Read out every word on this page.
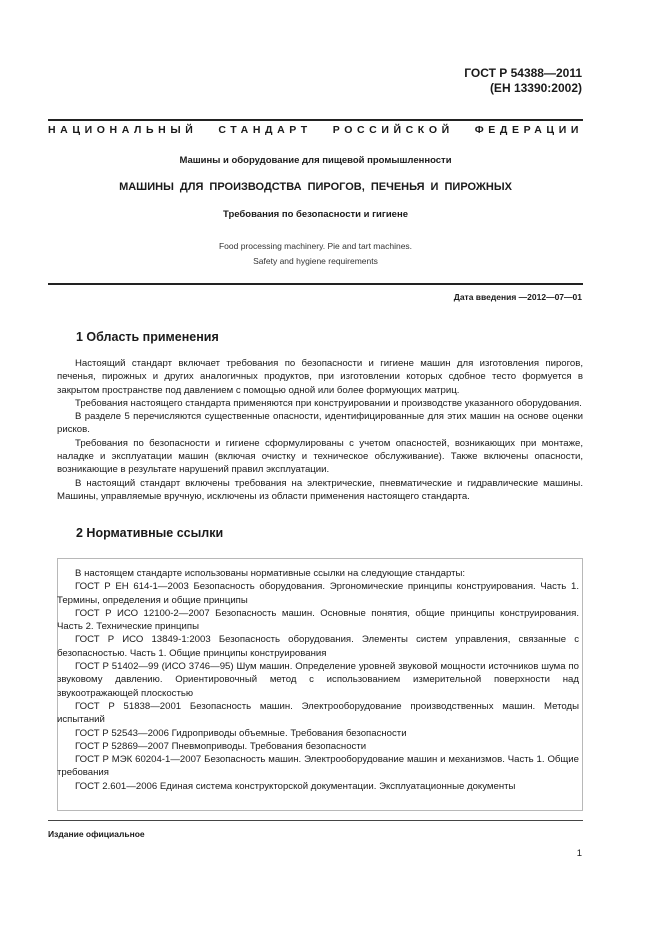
ГОСТ Р 54388—2011
(ЕН 13390:2002)
НАЦИОНАЛЬНЫЙ СТАНДАРТ РОССИЙСКОЙ ФЕДЕРАЦИИ
Машины и оборудование для пищевой промышленности
МАШИНЫ ДЛЯ ПРОИЗВОДСТВА ПИРОГОВ, ПЕЧЕНЬЯ И ПИРОЖНЫХ
Требования по безопасности и гигиене
Food processing machinery. Pie and tart machines.
Safety and hygiene requirements
Дата введения —2012—07—01
1 Область применения

Настоящий стандарт включает требования по безопасности и гигиене машин для изготовления пирогов, печенья, пирожных и других аналогичных продуктов, при изготовлении которых сдобное тесто формуется в закрытом пространстве под давлением с помощью одной или более формующих матриц.

Требования настоящего стандарта применяются при конструировании и производстве указанного оборудования.

В разделе 5 перечисляются существенные опасности, идентифицированные для этих машин на основе оценки рисков.

Требования по безопасности и гигиене сформулированы с учетом опасностей, возникающих при монтаже, наладке и эксплуатации машин (включая очистку и техническое обслуживание). Также включены опасности, возникающие в результате нарушений правил эксплуатации.

В настоящий стандарт включены требования на электрические, пневматические и гидравлические машины. Машины, управляемые вручную, исключены из области применения настоящего стандарта.

2 Нормативные ссылки

В настоящем стандарте использованы нормативные ссылки на следующие стандарты:

ГОСТ Р ЕН 614-1—2003 Безопасность оборудования. Эргономические принципы конструирования. Часть 1. Термины, определения и общие принципы

ГОСТ Р ИСО 12100-2—2007 Безопасность машин. Основные понятия, общие принципы конструирования. Часть 2. Технические принципы

ГОСТ Р ИСО 13849-1:2003 Безопасность оборудования. Элементы систем управления, связанные с безопасностью. Часть 1. Общие принципы конструирования

ГОСТ Р 51402—99 (ИСО 3746—95) Шум машин. Определение уровней звуковой мощности источников шума по звуковому давлению. Ориентировочный метод с использованием измерительной поверхности над звукоотражающей плоскостью

ГОСТ Р 51838—2001 Безопасность машин. Электрооборудование производственных машин. Методы испытаний

ГОСТ Р 52543—2006 Гидроприводы объемные. Требования безопасности

ГОСТ Р 52869—2007 Пневмоприводы. Требования безопасности

ГОСТ Р МЭК 60204-1—2007 Безопасность машин. Электрооборудование машин и механизмов. Часть 1. Общие требования

ГОСТ 2.601—2006 Единая система конструкторской документации. Эксплуатационные документы

Издание официальное
1
